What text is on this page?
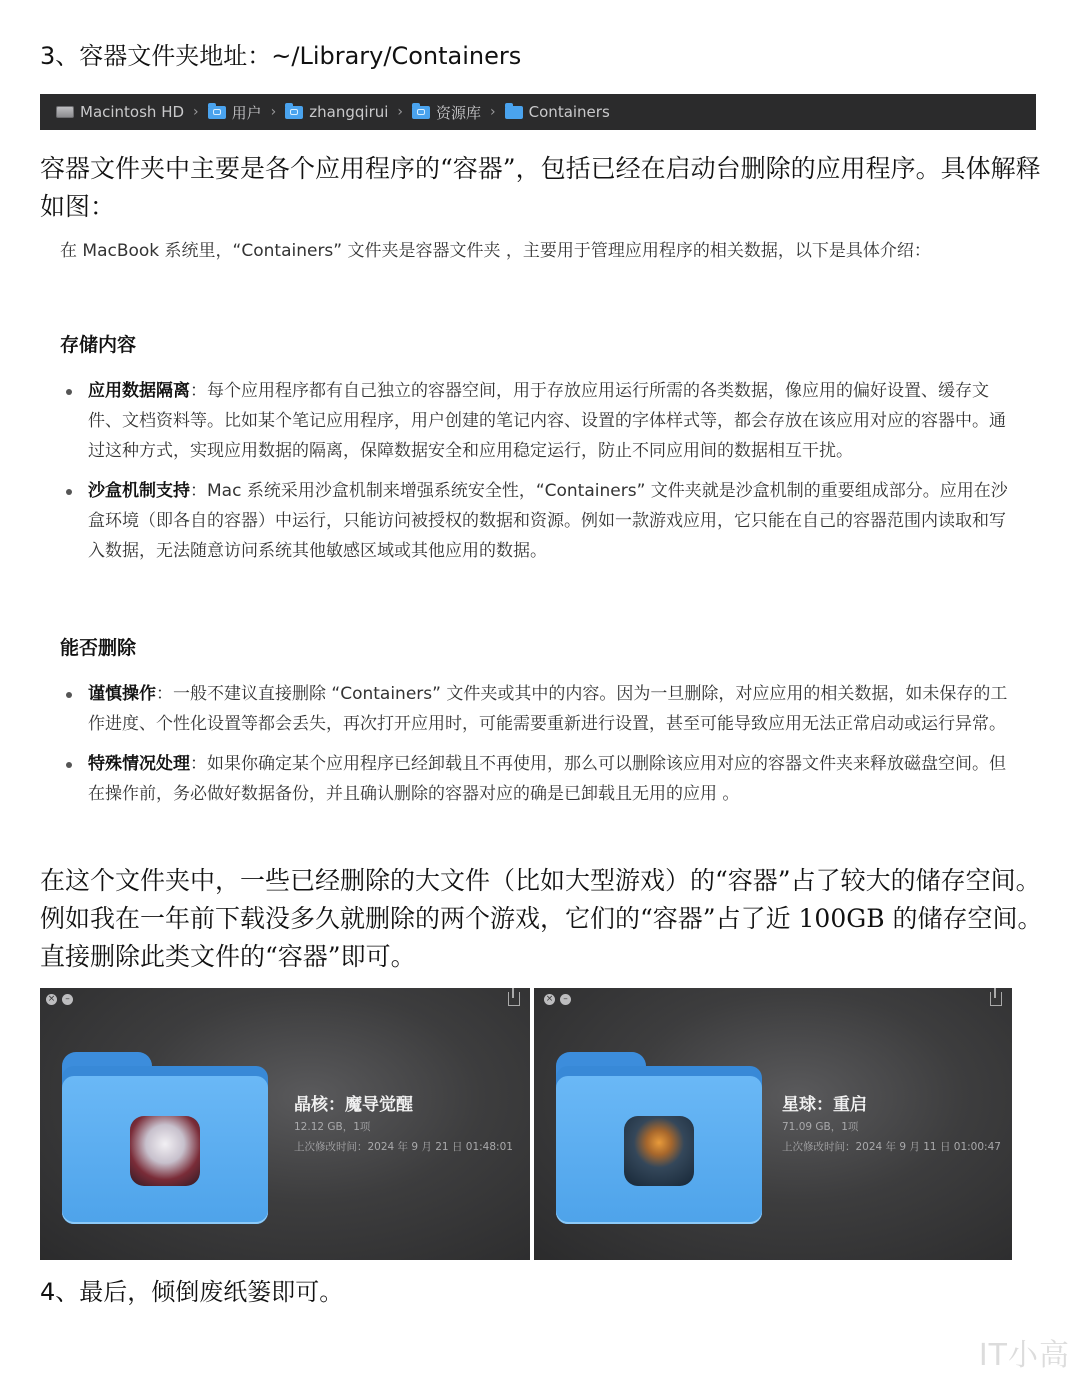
3、容器文件夹地址：~/Library/Containers
Macintosh HD › 用户 › zhangqirui › 资源库 › Containers
容器文件夹中主要是各个应用程序的“容器”，包括已经在启动台删除的应用程序。具体解释如图：
在 MacBook 系统里，“Containers” 文件夹是容器文件夹 ，主要用于管理应用程序的相关数据，以下是具体介绍：
存储内容
应用数据隔离：每个应用程序都有自己独立的容器空间，用于存放应用运行所需的各类数据，像应用的偏好设置、缓存文件、文档资料等。比如某个笔记应用程序，用户创建的笔记内容、设置的字体样式等，都会存放在该应用对应的容器中。通过这种方式，实现应用数据的隔离，保障数据安全和应用稳定运行，防止不同应用间的数据相互干扰。
沙盒机制支持：Mac 系统采用沙盒机制来增强系统安全性，“Containers” 文件夹就是沙盒机制的重要组成部分。应用在沙盒环境（即各自的容器）中运行，只能访问被授权的数据和资源。例如一款游戏应用，它只能在自己的容器范围内读取和写入数据，无法随意访问系统其他敏感区域或其他应用的数据。
能否删除
谨慎操作：一般不建议直接删除 “Containers” 文件夹或其中的内容。因为一旦删除，对应应用的相关数据，如未保存的工作进度、个性化设置等都会丢失，再次打开应用时，可能需要重新进行设置，甚至可能导致应用无法正常启动或运行异常。
特殊情况处理：如果你确定某个应用程序已经卸载且不再使用，那么可以删除该应用对应的容器文件夹来释放磁盘空间。但在操作前，务必做好数据备份，并且确认删除的容器对应的确是已卸载且无用的应用 。
在这个文件夹中，一些已经删除的大文件（比如大型游戏）的“容器”占了较大的储存空间。例如我在一年前下载没多久就删除的两个游戏，它们的“容器”占了近 100GB 的储存空间。直接删除此类文件的“容器”即可。
×	–
晶核：魔导觉醒
12.12 GB，1项
上次修改时间：2024 年 9 月 21 日 01:48:01
×	–
星球：重启
71.09 GB，1项
上次修改时间：2024 年 9 月 11 日 01:00:47
4、最后，倾倒废纸篓即可。
IT小高
